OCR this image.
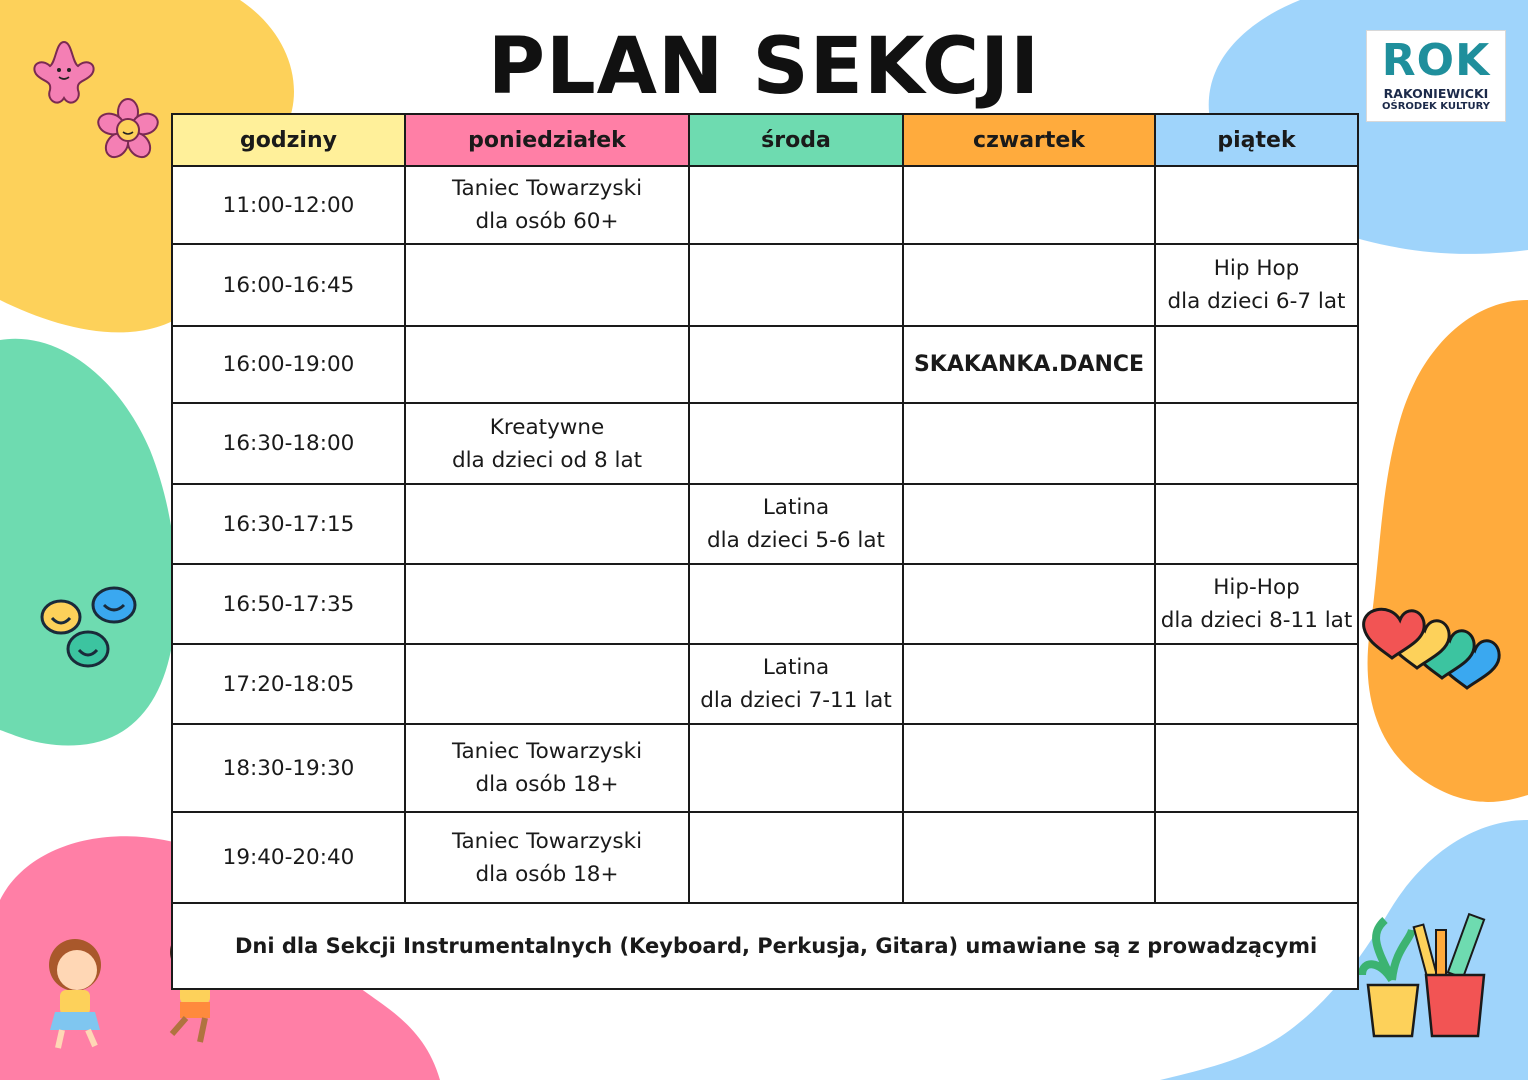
PLAN SEKCJI	ROK
RAKONIEWICKI
OŚRODEK KULTURY
godziny	poniedziałek	środa	czwartek	piątek
11:00-12:00	Taniec Towarzyski
dla osób 60+			

16:00-16:45				Hip Hop
dla dzieci 6-7 lat

16:00-19:00			SKAKANKA.DANCE	

16:30-18:00	Kreatywne
dla dzieci od 8 lat			

16:30-17:15		Latina
dla dzieci 5-6 lat		

16:50-17:35				Hip-Hop
dla dzieci 8-11 lat

17:20-18:05		Latina
dla dzieci 7-11 lat		

18:30-19:30	Taniec Towarzyski
dla osób 18+			

19:40-20:40	Taniec Towarzyski
dla osób 18+			

Dni dla Sekcji Instrumentalnych (Keyboard, Perkusja, Gitara) umawiane są z prowadzącymi				
